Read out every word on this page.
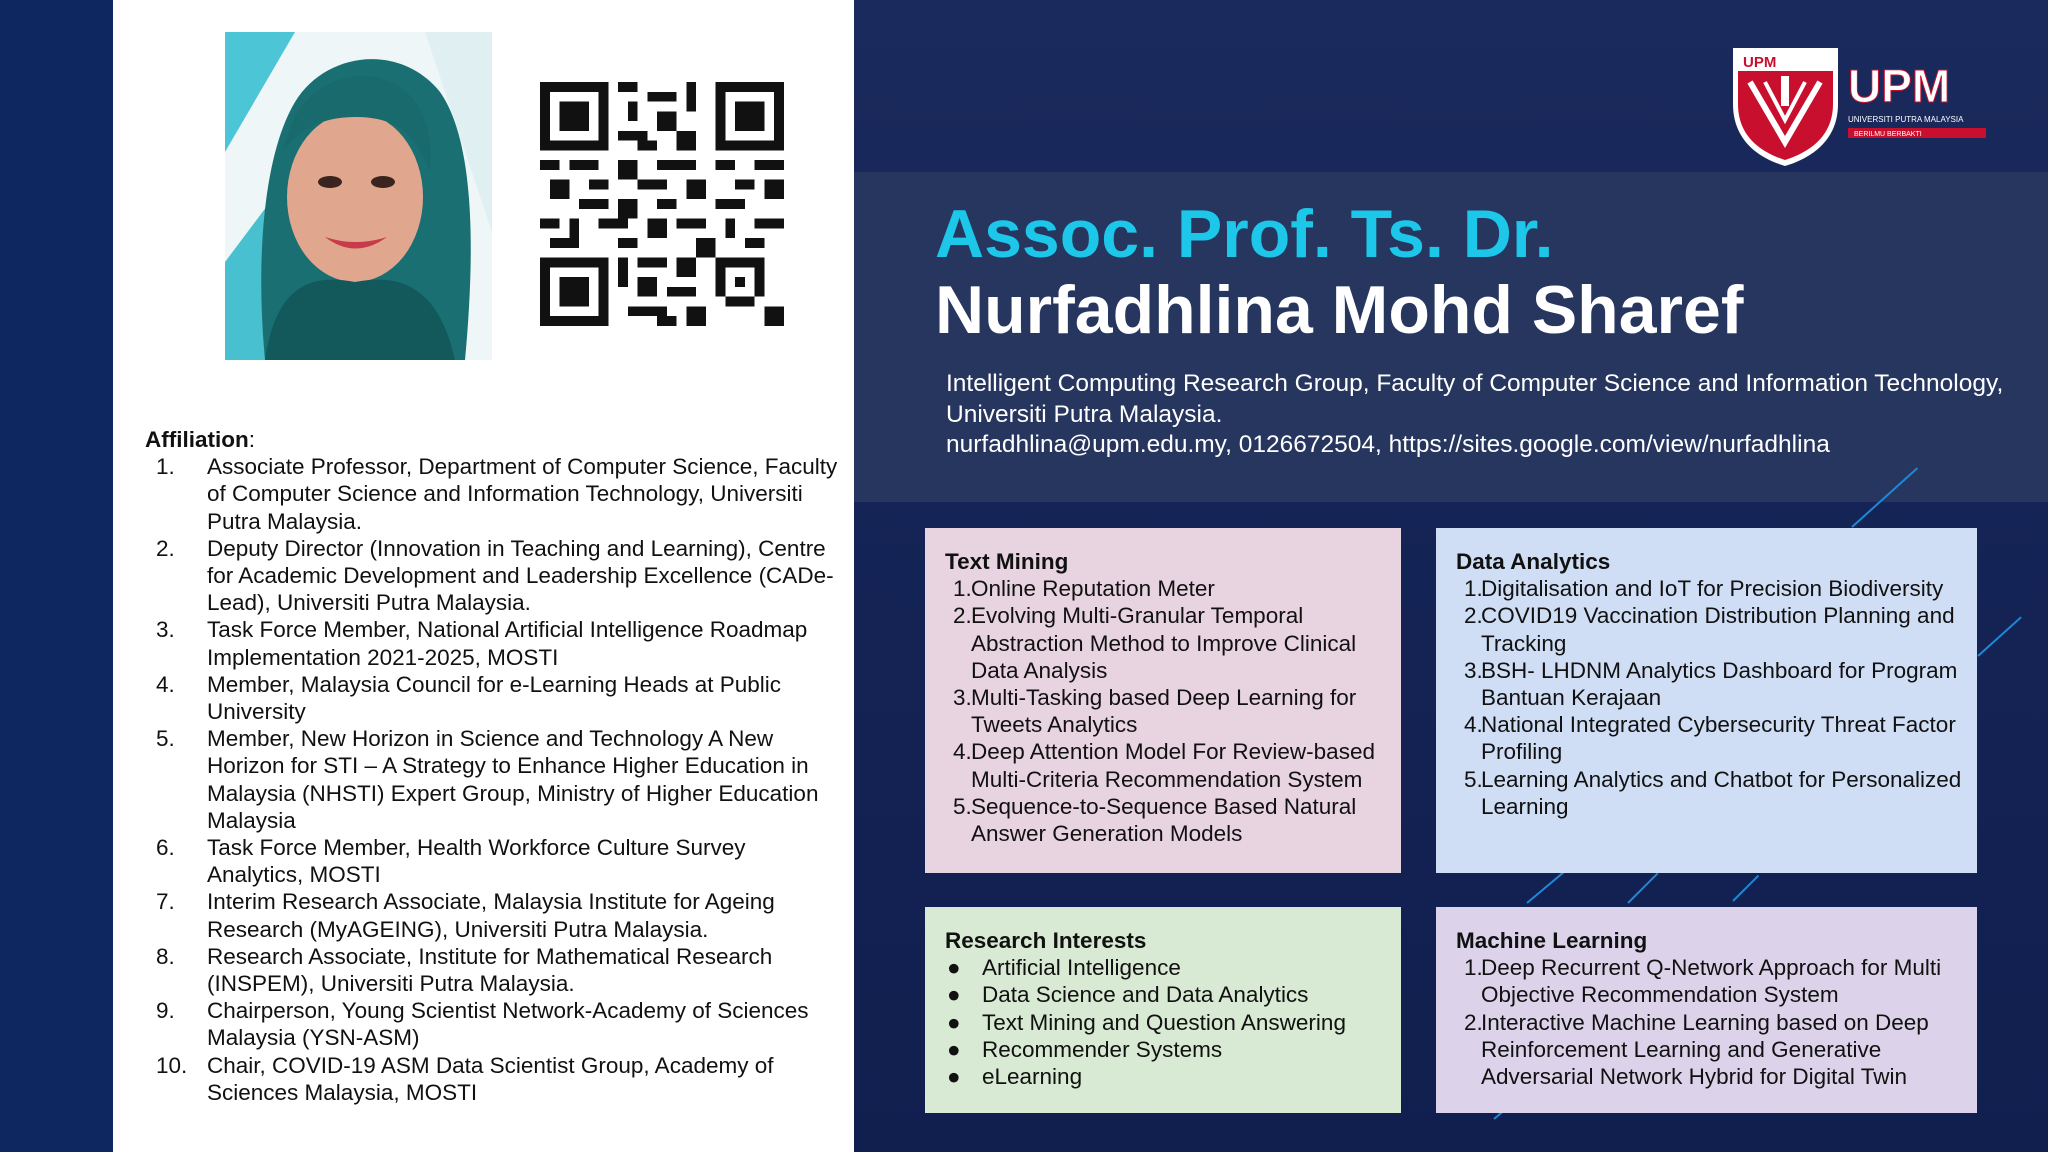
Affiliation:
1. Associate Professor, Department of Computer Science, Faculty of Computer Science and Information Technology, Universiti Putra Malaysia.
2. Deputy Director (Innovation in Teaching and Learning), Centre for Academic Development and Leadership Excellence (CADe-Lead), Universiti Putra Malaysia.
3. Task Force Member, National Artificial Intelligence Roadmap Implementation 2021-2025, MOSTI
4. Member, Malaysia Council for e-Learning Heads at Public University
5. Member, New Horizon in Science and Technology A New Horizon for STI – A Strategy to Enhance Higher Education in Malaysia (NHSTI) Expert Group, Ministry of Higher Education Malaysia
6. Task Force Member, Health Workforce Culture Survey Analytics, MOSTI
7. Interim Research Associate, Malaysia Institute for Ageing Research (MyAGEING), Universiti Putra Malaysia.
8. Research Associate, Institute for Mathematical Research (INSPEM), Universiti Putra Malaysia.
9. Chairperson, Young Scientist Network-Academy of Sciences Malaysia (YSN-ASM)
10. Chair, COVID-19 ASM Data Scientist Group, Academy of Sciences Malaysia, MOSTI
UPM UPM
UNIVERSITI PUTRA MALAYSIA
BERILMU BERBAKTI
Assoc. Prof. Ts. Dr.
Nurfadhlina Mohd Sharef
Intelligent Computing Research Group, Faculty of Computer Science and Information Technology, Universiti Putra Malaysia.
nurfadhlina@upm.edu.my, 0126672504, https://sites.google.com/view/nurfadhlina
Text Mining
1. Online Reputation Meter
2. Evolving Multi-Granular Temporal Abstraction Method to Improve Clinical Data Analysis
3. Multi-Tasking based Deep Learning for Tweets Analytics
4. Deep Attention Model For Review-based Multi-Criteria Recommendation System
5. Sequence-to-Sequence Based Natural Answer Generation Models
Data Analytics
1.
Digitalisation and IoT for Precision Biodiversity
2.
COVID19 Vaccination Distribution Planning and Tracking
3.
BSH- LHDNM Analytics Dashboard for Program Bantuan Kerajaan
4.
National Integrated Cybersecurity Threat Factor Profiling
5.
Learning Analytics and Chatbot for Personalized Learning
Research Interests
● Artificial Intelligence
● Data Science and Data Analytics
● Text Mining and Question Answering
● Recommender Systems
● eLearning
Machine Learning
1.
Deep Recurrent Q-Network Approach for Multi Objective Recommendation System
2.
Interactive Machine Learning based on Deep Reinforcement Learning and Generative Adversarial Network Hybrid for Digital Twin
